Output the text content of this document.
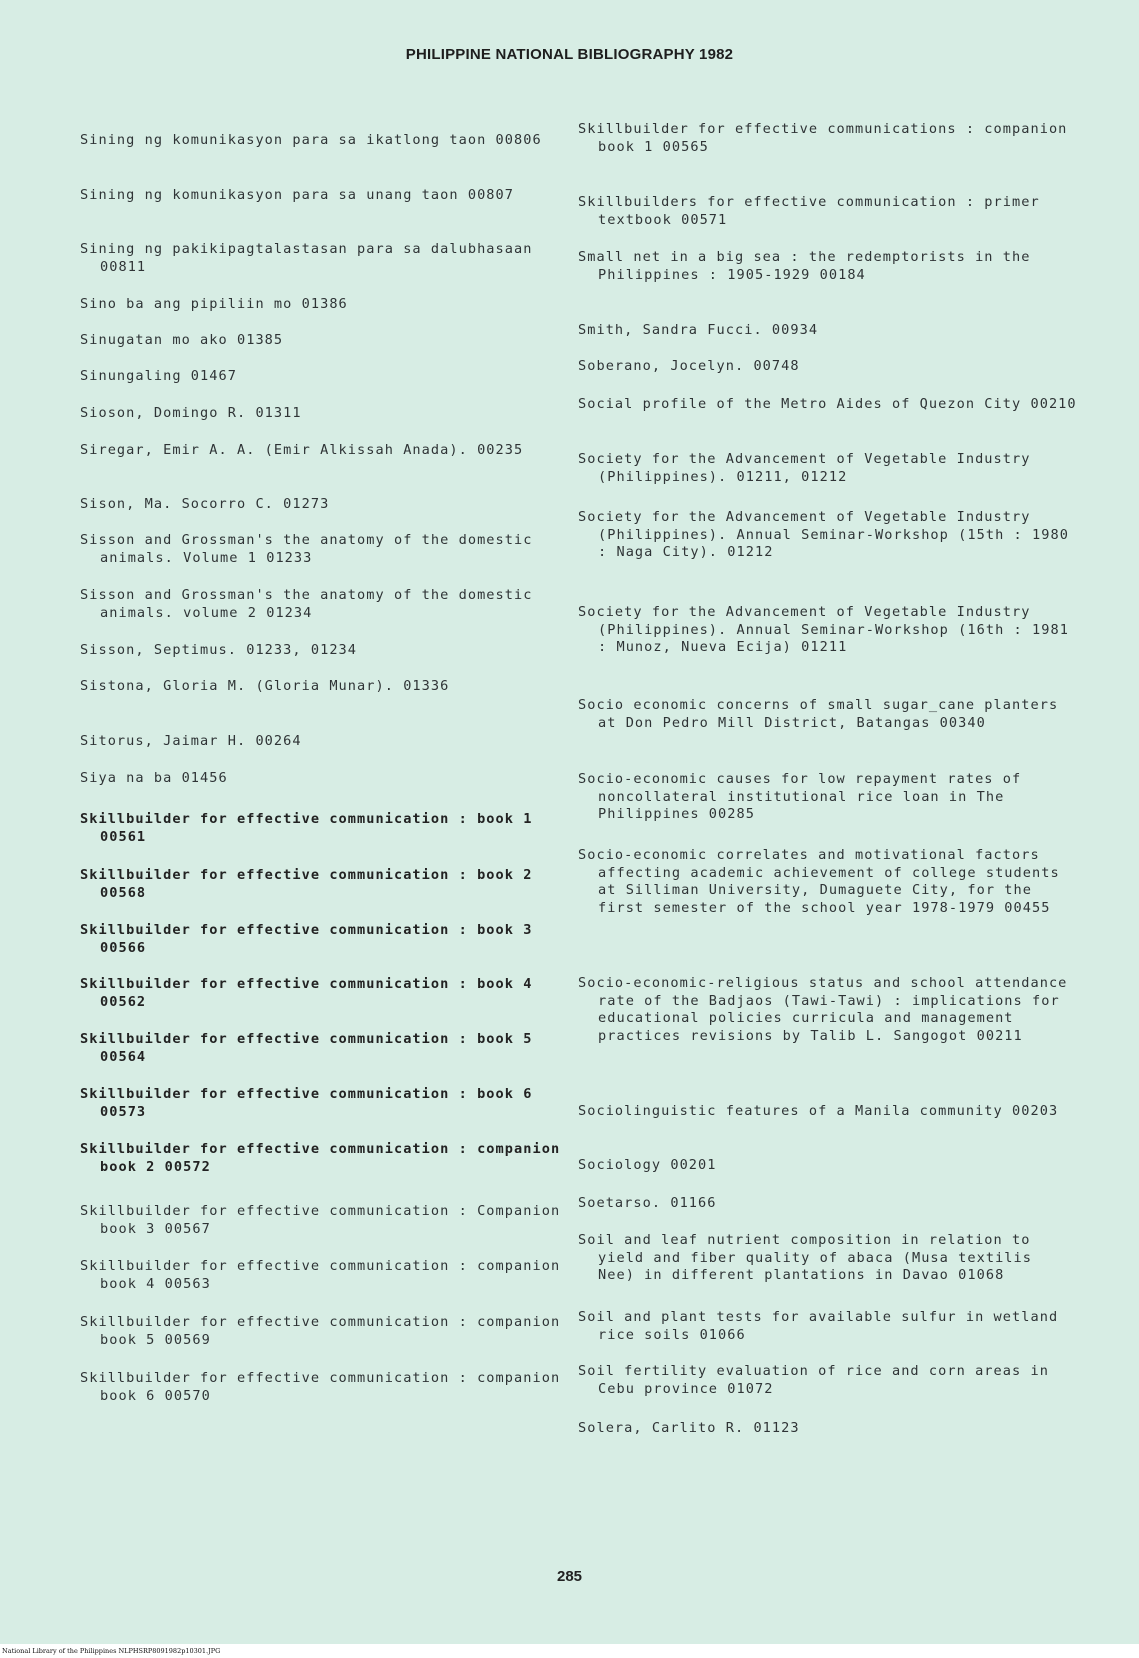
PHILIPPINE NATIONAL BIBLIOGRAPHY 1982
Sining ng komunikasyon para sa ikatlong taon 00806
Sining ng komunikasyon para sa unang taon 00807
Sining ng pakikipagtalastasan para sa dalubhasaan 00811
Sino ba ang pipiliin mo 01386
Sinugatan mo ako 01385
Sinungaling 01467
Sioson, Domingo R. 01311
Siregar, Emir A. A. (Emir Alkissah Anada). 00235
Sison, Ma. Socorro C. 01273
Sisson and Grossman's the anatomy of the domestic animals. Volume 1 01233
Sisson and Grossman's the anatomy of the domestic animals. volume 2 01234
Sisson, Septimus. 01233, 01234
Sistona, Gloria M. (Gloria Munar). 01336
Sitorus, Jaimar H. 00264
Siya na ba 01456
Skillbuilder for effective communication : book 1 00561
Skillbuilder for effective communication : book 2 00568
Skillbuilder for effective communication : book 3 00566
Skillbuilder for effective communication : book 4 00562
Skillbuilder for effective communication : book 5 00564
Skillbuilder for effective communication : book 6 00573
Skillbuilder for effective communication : companion book 2 00572
Skillbuilder for effective communication : Companion book 3 00567
Skillbuilder for effective communication : companion book 4 00563
Skillbuilder for effective communication : companion book 5 00569
Skillbuilder for effective communication : companion book 6 00570
Skillbuilder for effective communications : companion book 1 00565
Skillbuilders for effective communication : primer textbook 00571
Small net in a big sea : the redemptorists in the Philippines : 1905-1929 00184
Smith, Sandra Fucci. 00934
Soberano, Jocelyn. 00748
Social profile of the Metro Aides of Quezon City 00210
Society for the Advancement of Vegetable Industry (Philippines). 01211, 01212
Society for the Advancement of Vegetable Industry (Philippines). Annual Seminar-Workshop (15th : 1980 : Naga City). 01212
Society for the Advancement of Vegetable Industry (Philippines). Annual Seminar-Workshop (16th : 1981 : Munoz, Nueva Ecija) 01211
Socio economic concerns of small sugar_cane planters at Don Pedro Mill District, Batangas 00340
Socio-economic causes for low repayment rates of noncollateral institutional rice loan in The Philippines 00285
Socio-economic correlates and motivational factors affecting academic achievement of college students at Silliman University, Dumaguete City, for the first semester of the school year 1978-1979 00455
Socio-economic-religious status and school attendance rate of the Badjaos (Tawi-Tawi) : implications for educational policies curricula and management practices revisions by Talib L. Sangogot 00211
Sociolinguistic features of a Manila community 00203
Sociology 00201
Soetarso. 01166
Soil and leaf nutrient composition in relation to yield and fiber quality of abaca (Musa textilis Nee) in different plantations in Davao 01068
Soil and plant tests for available sulfur in wetland rice soils 01066
Soil fertility evaluation of rice and corn areas in Cebu province 01072
Solera, Carlito R. 01123
285
National Library of the Philippines NLPHSRP8091982p10301.JPG
